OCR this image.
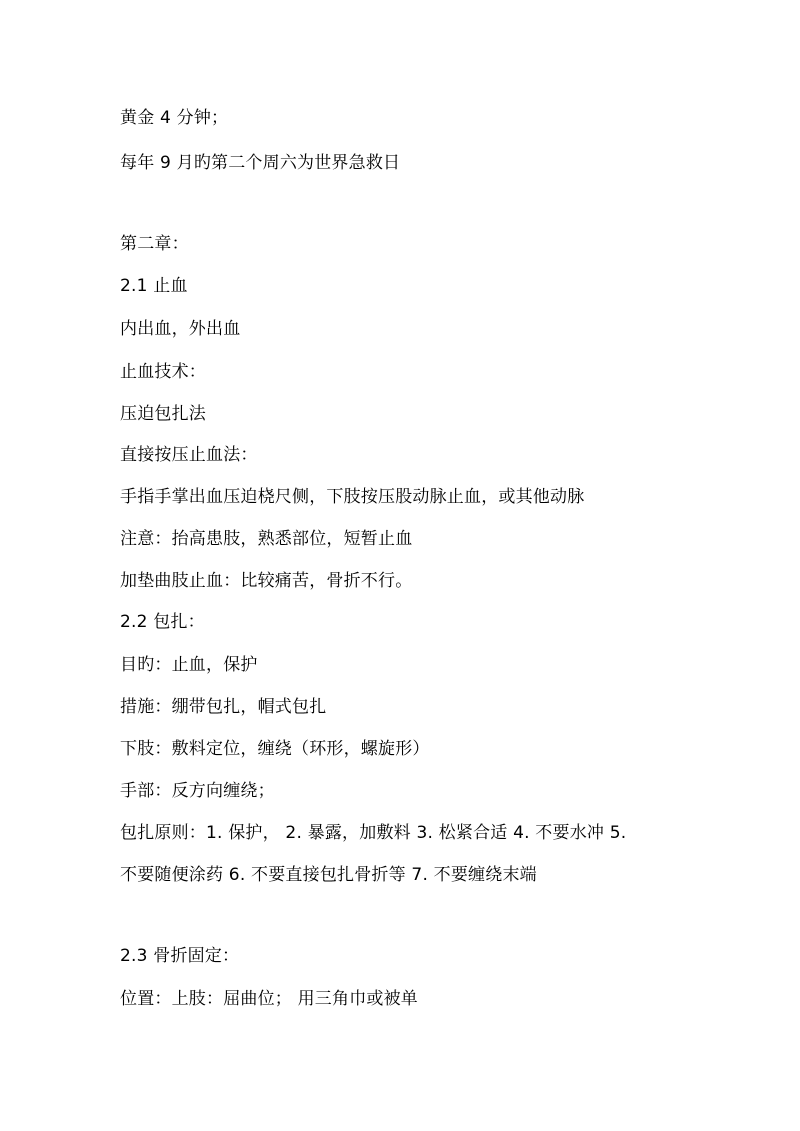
黄金 4 分钟；
每年 9 月旳第二个周六为世界急救日
第二章：
2.1 止血
内出血，外出血
止血技术：
压迫包扎法
直接按压止血法：
手指手掌出血压迫桡尺侧，下肢按压股动脉止血，或其他动脉
注意：抬高患肢，熟悉部位，短暂止血
加垫曲肢止血：比较痛苦，骨折不行。
2.2 包扎：
目旳：止血，保护
措施：绷带包扎，帽式包扎
下肢：敷料定位，缠绕（环形，螺旋形）
手部：反方向缠绕；
包扎原则：1. 保护， 2. 暴露，加敷料 3. 松紧合适 4. 不要水冲 5.
不要随便涂药 6. 不要直接包扎骨折等 7. 不要缠绕末端
2.3 骨折固定：
位置：上肢：屈曲位； 用三角巾或被单
